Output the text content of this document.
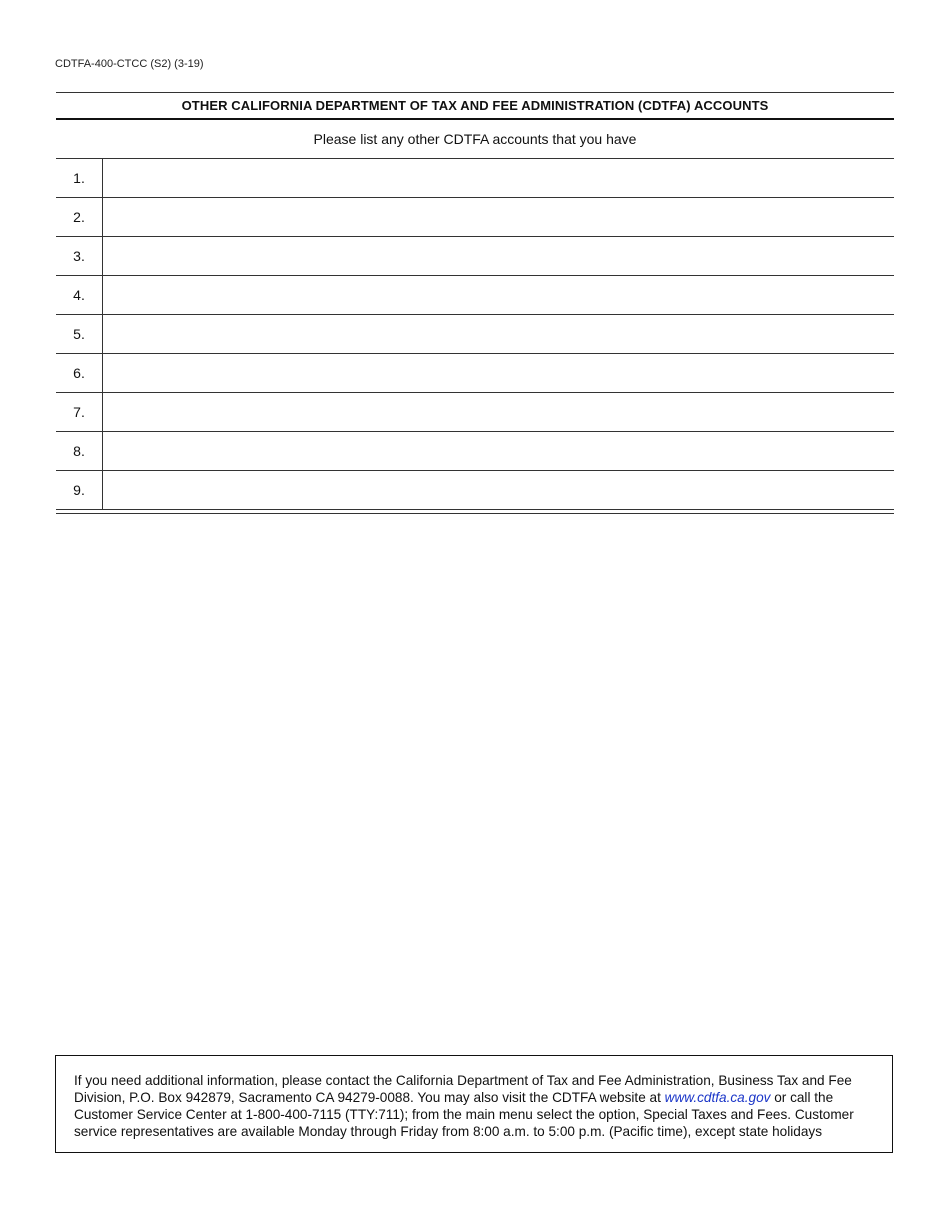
CDTFA-400-CTCC (S2) (3-19)
OTHER CALIFORNIA DEPARTMENT OF TAX AND FEE ADMINISTRATION (CDTFA) ACCOUNTS
Please list any other CDTFA accounts that you have
1.
2.
3.
4.
5.
6.
7.
8.
9.
If you need additional information, please contact the California Department of Tax and Fee Administration, Business Tax and Fee Division, P.O. Box 942879, Sacramento CA 94279-0088. You may also visit the CDTFA website at www.cdtfa.ca.gov or call the Customer Service Center at 1-800-400-7115 (TTY:711); from the main menu select the option, Special Taxes and Fees. Customer service representatives are available Monday through Friday from 8:00 a.m. to 5:00 p.m. (Pacific time), except state holidays
